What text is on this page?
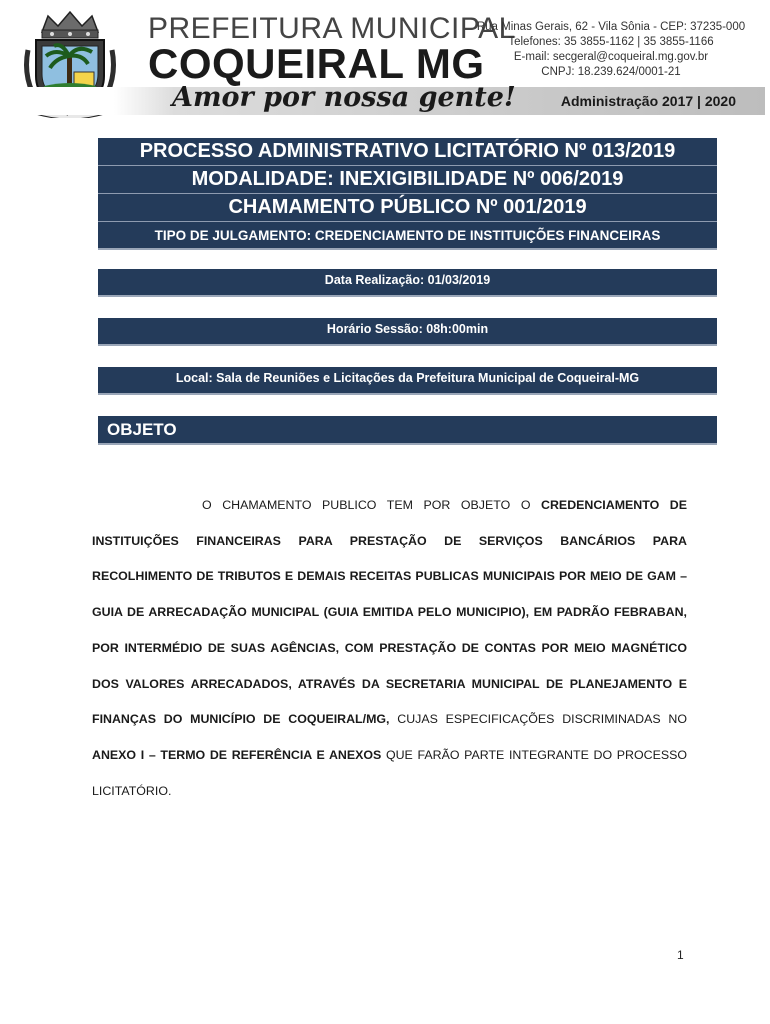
PREFEITURA MUNICIPAL
COQUEIRAL MG
Rua Minas Gerais, 62 - Vila Sônia - CEP: 37235-000
Telefones: 35 3855-1162 | 35 3855-1166
E-mail: secgeral@coqueiral.mg.gov.br
CNPJ: 18.239.624/0001-21
Amor por nossa gente!	Administração 2017 | 2020
PROCESSO ADMINISTRATIVO LICITATÓRIO Nº 013/2019
MODALIDADE: INEXIGIBILIDADE Nº 006/2019
CHAMAMENTO PÚBLICO Nº 001/2019
TIPO DE JULGAMENTO: CREDENCIAMENTO DE INSTITUIÇÕES FINANCEIRAS
Data Realização: 01/03/2019
Horário Sessão: 08h:00min
Local: Sala de Reuniões e Licitações da Prefeitura Municipal de Coqueiral-MG
OBJETO

O CHAMAMENTO PUBLICO TEM POR OBJETO O CREDENCIAMENTO DE INSTITUIÇÕES FINANCEIRAS PARA PRESTAÇÃO DE SERVIÇOS BANCÁRIOS PARA RECOLHIMENTO DE TRIBUTOS E DEMAIS RECEITAS PUBLICAS MUNICIPAIS POR MEIO DE GAM – GUIA DE ARRECADAÇÃO MUNICIPAL (GUIA EMITIDA PELO MUNICIPIO), EM PADRÃO FEBRABAN, POR INTERMÉDIO DE SUAS AGÊNCIAS, COM PRESTAÇÃO DE CONTAS POR MEIO MAGNÉTICO DOS VALORES ARRECADADOS, ATRAVÉS DA SECRETARIA MUNICIPAL DE PLANEJAMENTO E FINANÇAS DO MUNICÍPIO DE COQUEIRAL/MG, CUJAS ESPECIFICAÇÕES DISCRIMINADAS NO ANEXO I – TERMO DE REFERÊNCIA E ANEXOS QUE FARÃO PARTE INTEGRANTE DO PROCESSO LICITATÓRIO.

1
